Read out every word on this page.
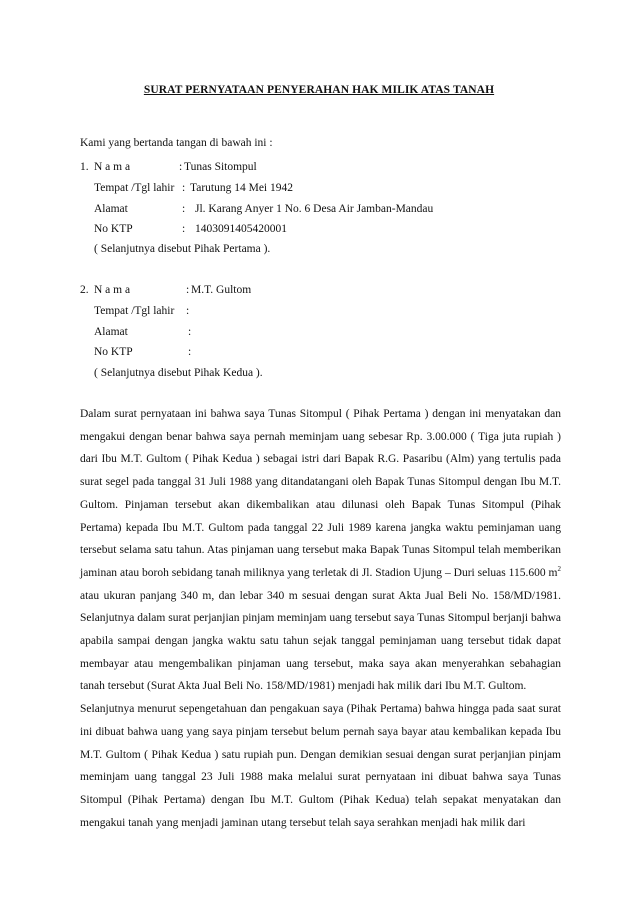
SURAT PERNYATAAN PENYERAHAN HAK MILIK ATAS TANAH
Kami yang bertanda tangan di bawah ini :
1. N a m a	: Tunas Sitompul
Tempat /Tgl lahir : Tarutung 14 Mei 1942
Alamat	: Jl. Karang Anyer 1 No. 6 Desa Air Jamban-Mandau
No KTP	: 1403091405420001
( Selanjutnya disebut Pihak Pertama ).
2. N a m a	: M.T. Gultom
Tempat /Tgl lahir :
Alamat	:
No KTP	:
( Selanjutnya disebut Pihak Kedua ).

Dalam surat pernyataan ini bahwa saya Tunas Sitompul ( Pihak Pertama ) dengan ini menyatakan dan mengakui dengan benar bahwa saya pernah meminjam uang sebesar Rp. 3.00.000 ( Tiga juta rupiah ) dari Ibu M.T. Gultom ( Pihak Kedua ) sebagai istri dari Bapak R.G. Pasaribu (Alm) yang tertulis pada surat segel pada tanggal 31 Juli 1988 yang ditandatangani oleh Bapak Tunas Sitompul dengan Ibu M.T. Gultom. Pinjaman tersebut akan dikembalikan atau dilunasi oleh Bapak Tunas Sitompul (Pihak Pertama) kepada Ibu M.T. Gultom pada tanggal 22 Juli 1989 karena jangka waktu peminjaman uang tersebut selama satu tahun. Atas pinjaman uang tersebut maka Bapak Tunas Sitompul telah memberikan jaminan atau boroh sebidang tanah miliknya yang terletak di Jl. Stadion Ujung – Duri seluas 115.600 $m^2$ atau ukuran panjang 340 m, dan lebar 340 m sesuai dengan surat Akta Jual Beli No. 158/MD/1981. Selanjutnya dalam surat perjanjian pinjam meminjam uang tersebut saya Tunas Sitompul berjanji bahwa apabila sampai dengan jangka waktu satu tahun sejak tanggal peminjaman uang tersebut tidak dapat membayar atau mengembalikan pinjaman uang tersebut, maka saya akan menyerahkan sebahagian tanah tersebut (Surat Akta Jual Beli No. 158/MD/1981) menjadi hak milik dari Ibu M.T. Gultom.

Selanjutnya menurut sepengetahuan dan pengakuan saya (Pihak Pertama) bahwa hingga pada saat surat ini dibuat bahwa uang yang saya pinjam tersebut belum pernah saya bayar atau kembalikan kepada Ibu M.T. Gultom ( Pihak Kedua ) satu rupiah pun. Dengan demikian sesuai dengan surat perjanjian pinjam meminjam uang tanggal 23 Juli 1988 maka melalui surat pernyataan ini dibuat bahwa saya Tunas Sitompul (Pihak Pertama) dengan Ibu M.T. Gultom (Pihak Kedua) telah sepakat menyatakan dan mengakui tanah yang menjadi jaminan utang tersebut telah saya serahkan menjadi hak milik dari
